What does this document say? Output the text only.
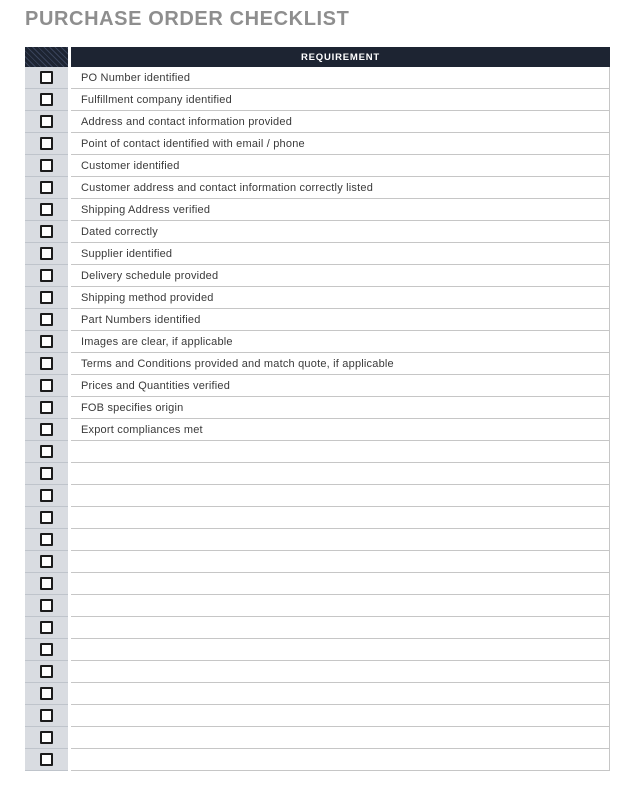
PURCHASE ORDER CHECKLIST
REQUIREMENT
PO Number identified
Fulfillment company identified
Address and contact information provided
Point of contact identified with email / phone
Customer identified
Customer address and contact information correctly listed
Shipping Address verified
Dated correctly
Supplier identified
Delivery schedule provided
Shipping method provided
Part Numbers identified
Images are clear, if applicable
Terms and Conditions provided and match quote, if applicable
Prices and Quantities verified
FOB specifies origin
Export compliances met
